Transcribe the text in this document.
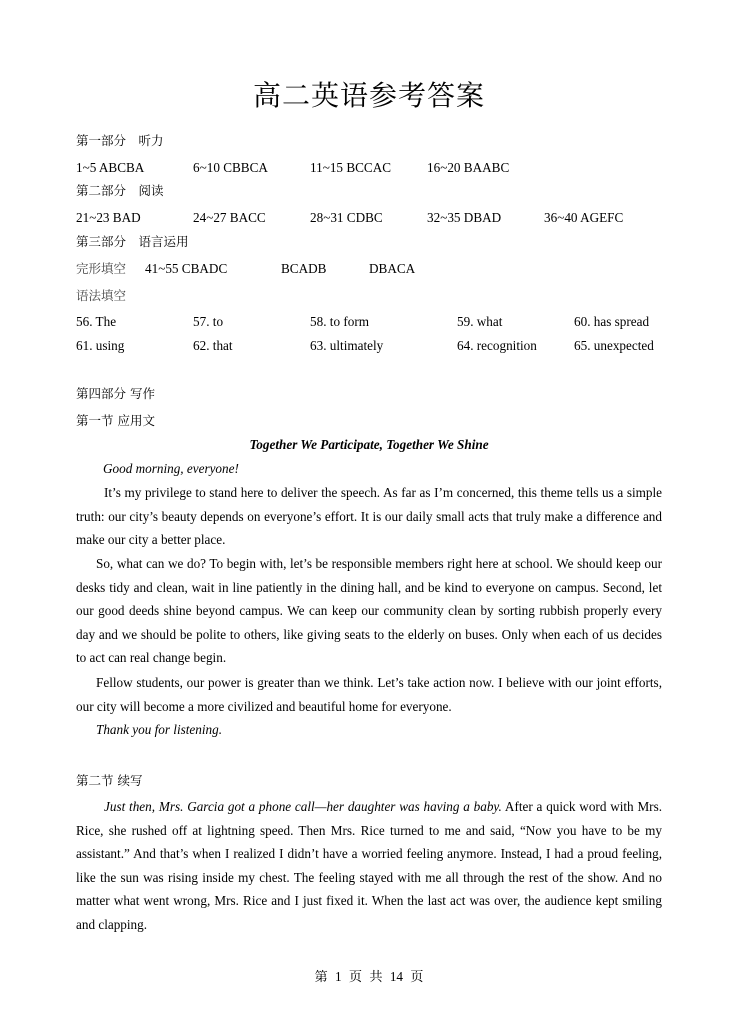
高二英语参考答案
第一部分　听力
1~5 ABCBA	6~10 CBBCA	11~15 BCCAC	16~20 BAABC
第二部分　阅读
21~23 BAD	24~27 BACC	28~31 CDBC	32~35 DBAD	36~40 AGEFC
第三部分　语言运用
完形填空 41~55 CBADC	BCADB	DBACA
语法填空
56. The	57. to	58. to form	59. what	60. has spread
61. using	62. that	63. ultimately	64. recognition	65. unexpected
第四部分 写作
第一节 应用文
Together We Participate, Together We Shine

Good morning, everyone!

It’s my privilege to stand here to deliver the speech. As far as I’m concerned, this theme tells us a simple truth: our city’s beauty depends on everyone’s effort. It is our daily small acts that truly make a difference and make our city a better place.

So, what can we do? To begin with, let’s be responsible members right here at school. We should keep our desks tidy and clean, wait in line patiently in the dining hall, and be kind to everyone on campus. Second, let our good deeds shine beyond campus. We can keep our community clean by sorting rubbish properly every day and we should be polite to others, like giving seats to the elderly on buses. Only when each of us decides to act can real change begin.

Fellow students, our power is greater than we think. Let’s take action now. I believe with our joint efforts, our city will become a more civilized and beautiful home for everyone.

Thank you for listening.

第二节 续写

Just then, Mrs. Garcia got a phone call—her daughter was having a baby. After a quick word with Mrs. Rice, she rushed off at lightning speed. Then Mrs. Rice turned to me and said, “Now you have to be my assistant.” And that’s when I realized I didn’t have a worried feeling anymore. Instead, I had a proud feeling, like the sun was rising inside my chest. The feeling stayed with me all through the rest of the show. And no matter what went wrong, Mrs. Rice and I just fixed it. When the last act was over, the audience kept smiling and clapping.

第 1 页 共 14 页
